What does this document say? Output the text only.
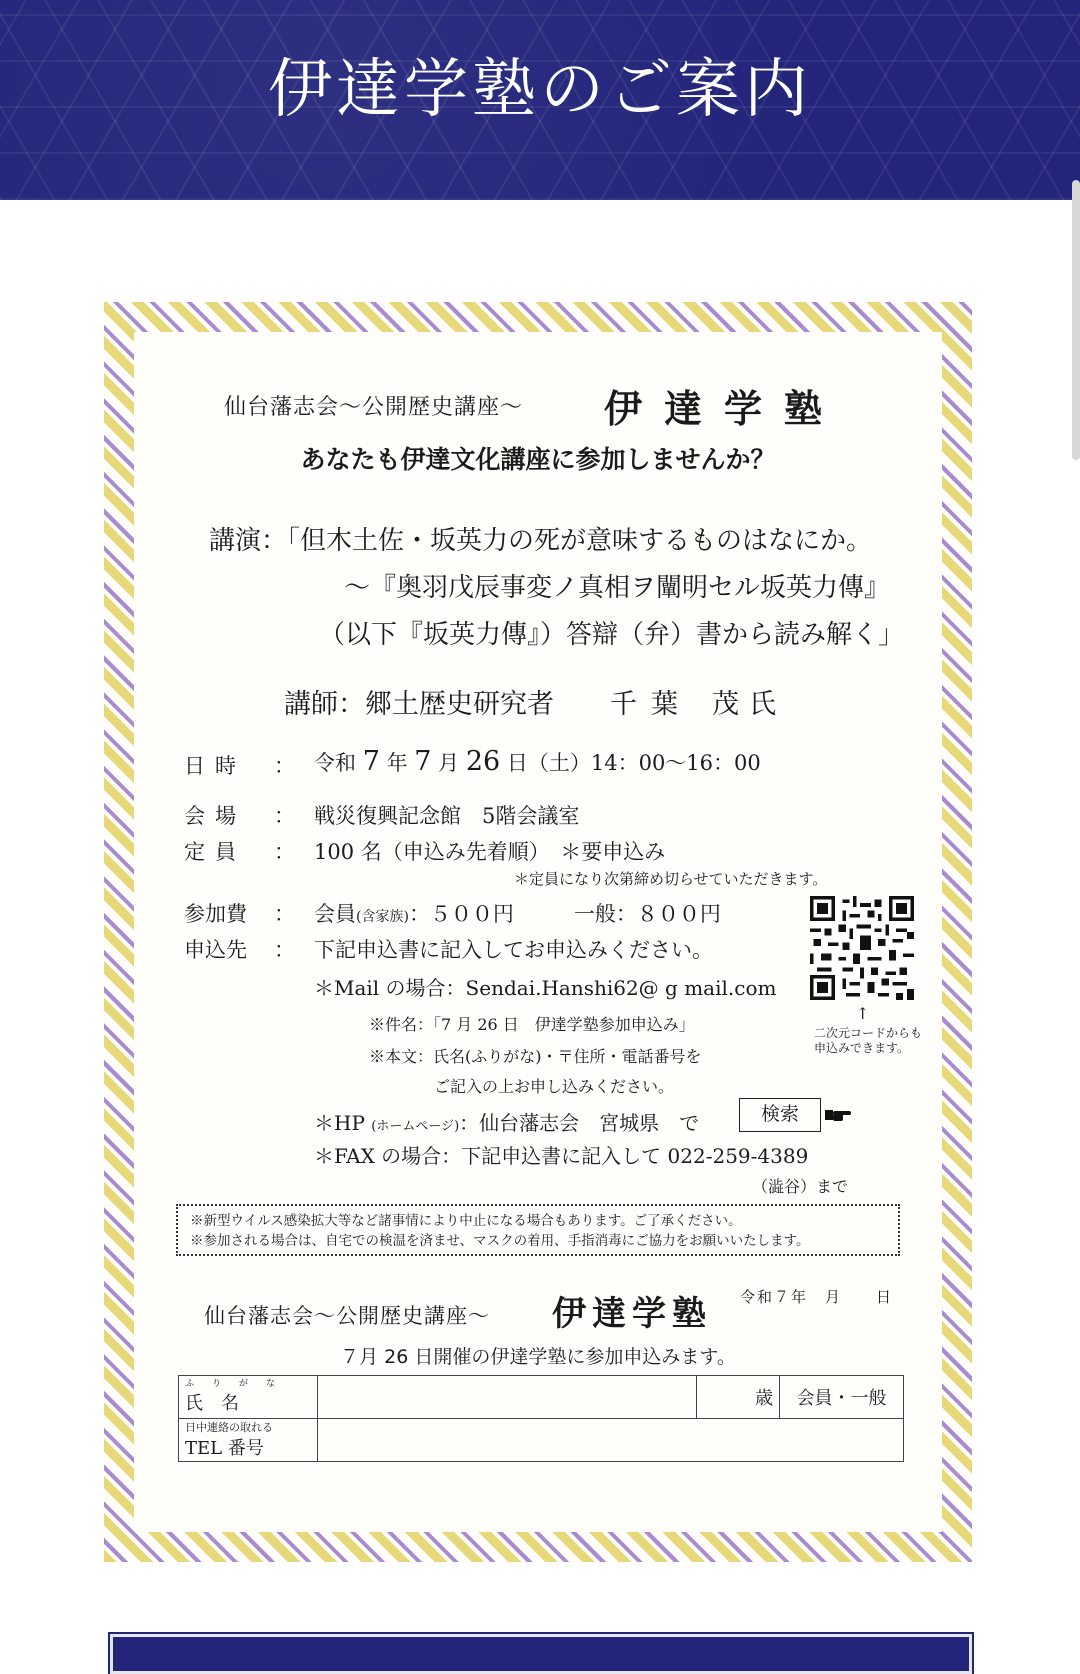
伊達学塾のご案内
仙台藩志会～公開歴史講座～ 伊達学塾
あなたも伊達文化講座に参加しませんか？
講演：「但木土佐・坂英力の死が意味するものはなにか。
～『奥羽戊辰事変ノ真相ヲ闡明セル坂英力傳』
（以下『坂英力傳』）答辯（弁）書から読み解く」
講師：郷土歴史研究者 千葉 茂氏
日時 ： 令和 7 年 7 月 26 日（土）14：00～16：00
会場 ： 戦災復興記念館　5階会議室
定員 ： 100 名（申込み先着順）　＊要申込み
＊定員になり次第締め切らせていただきます。
参加費 ： 会員(含家族)：５００円	一般：８００円
申込先 ： 下記申込書に記入してお申込みください。
＊Mail の場合：Sendai.Hanshi62@ g mail.com
※件名：「7 月 26 日　伊達学塾参加申込み」
※本文：氏名(ふりがな)・〒住所・電話番号を
ご記入の上お申し込みください。
＊HP (ホームページ)：仙台藩志会　宮城県　で	検索
＊FAX の場合：下記申込書に記入して 022-259-4389
（澁谷）まで
↑
二次元コードからも申込みできます。
※新型ウイルス感染拡大等など諸事情により中止になる場合もあります。ご了承ください。
※参加される場合は、自宅での検温を済ませ、マスクの着用、手指消毒にご協力をお願いいたします。
仙台藩志会～公開歴史講座～ 伊達学塾 令和７年　月　　日
７月 26 日開催の伊達学塾に参加申込みます。
ふりがな
氏　名		歳	会員・一般

日中連絡の取れる
TEL 番号			
